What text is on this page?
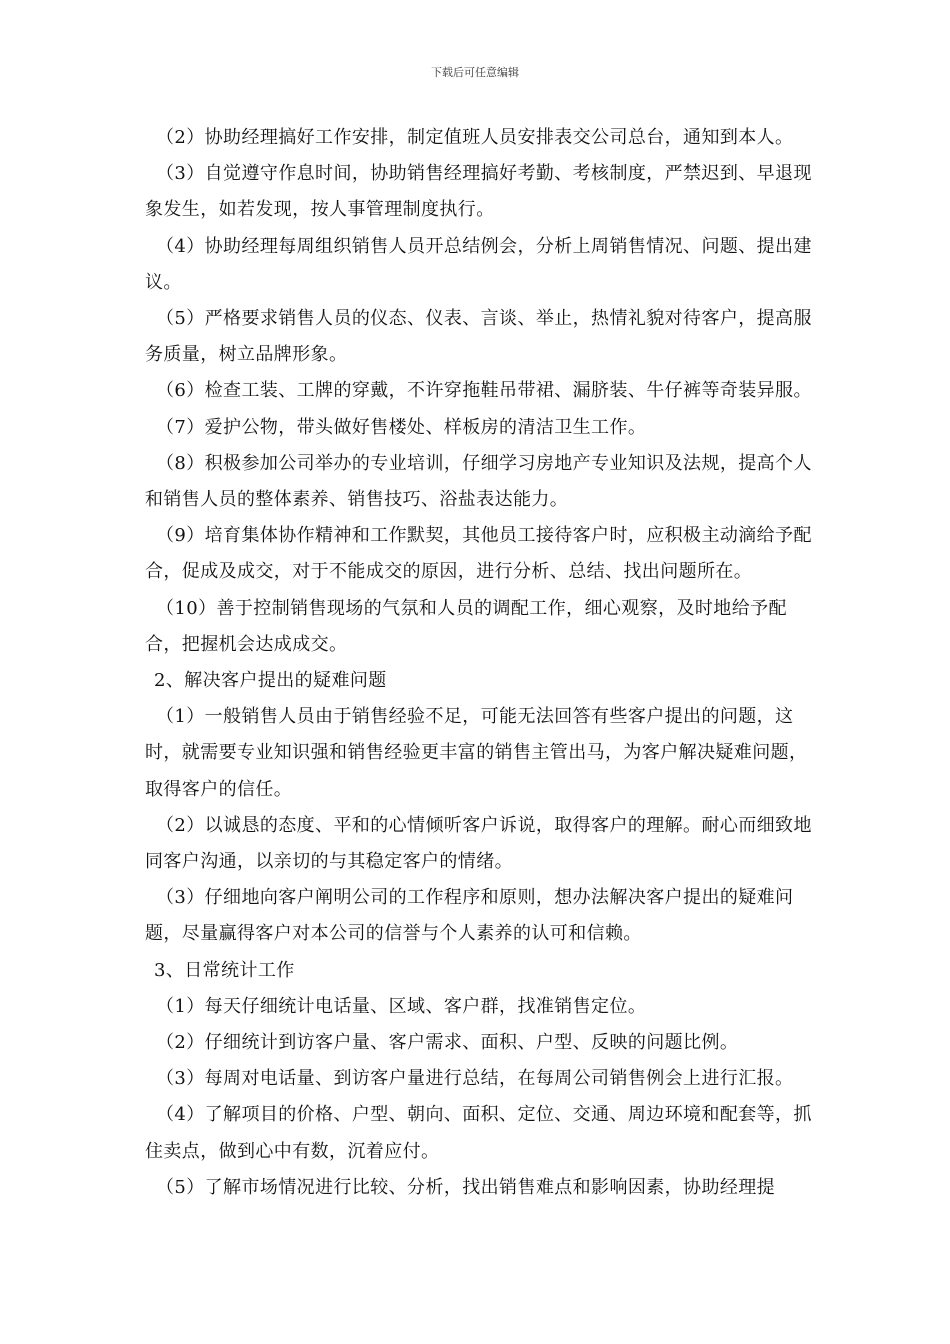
下载后可任意编辑

（2）协助经理搞好工作安排，制定值班人员安排表交公司总台，通知到本人。

（3）自觉遵守作息时间，协助销售经理搞好考勤、考核制度，严禁迟到、早退现象发生，如若发现，按人事管理制度执行。

（4）协助经理每周组织销售人员开总结例会，分析上周销售情况、问题、提出建议。

（5）严格要求销售人员的仪态、仪表、言谈、举止，热情礼貌对待客户，提高服务质量，树立品牌形象。

（6）检查工装、工牌的穿戴，不许穿拖鞋吊带裙、漏脐装、牛仔裤等奇装异服。

（7）爱护公物，带头做好售楼处、样板房的清洁卫生工作。

（8）积极参加公司举办的专业培训，仔细学习房地产专业知识及法规，提高个人和销售人员的整体素养、销售技巧、浴盐表达能力。

（9）培育集体协作精神和工作默契，其他员工接待客户时，应积极主动滴给予配合，促成及成交，对于不能成交的原因，进行分析、总结、找出问题所在。

（10）善于控制销售现场的气氛和人员的调配工作，细心观察，及时地给予配合，把握机会达成成交。

2、解决客户提出的疑难问题

（1）一般销售人员由于销售经验不足，可能无法回答有些客户提出的问题，这时，就需要专业知识强和销售经验更丰富的销售主管出马，为客户解决疑难问题，取得客户的信任。

（2）以诚恳的态度、平和的心情倾听客户诉说，取得客户的理解。耐心而细致地同客户沟通，以亲切的与其稳定客户的情绪。

（3）仔细地向客户阐明公司的工作程序和原则，想办法解决客户提出的疑难问题，尽量赢得客户对本公司的信誉与个人素养的认可和信赖。

3、日常统计工作

（1）每天仔细统计电话量、区域、客户群，找准销售定位。

（2）仔细统计到访客户量、客户需求、面积、户型、反映的问题比例。

（3）每周对电话量、到访客户量进行总结，在每周公司销售例会上进行汇报。

（4）了解项目的价格、户型、朝向、面积、定位、交通、周边环境和配套等，抓住卖点，做到心中有数，沉着应付。

（5）了解市场情况进行比较、分析，找出销售难点和影响因素，协助经理提
